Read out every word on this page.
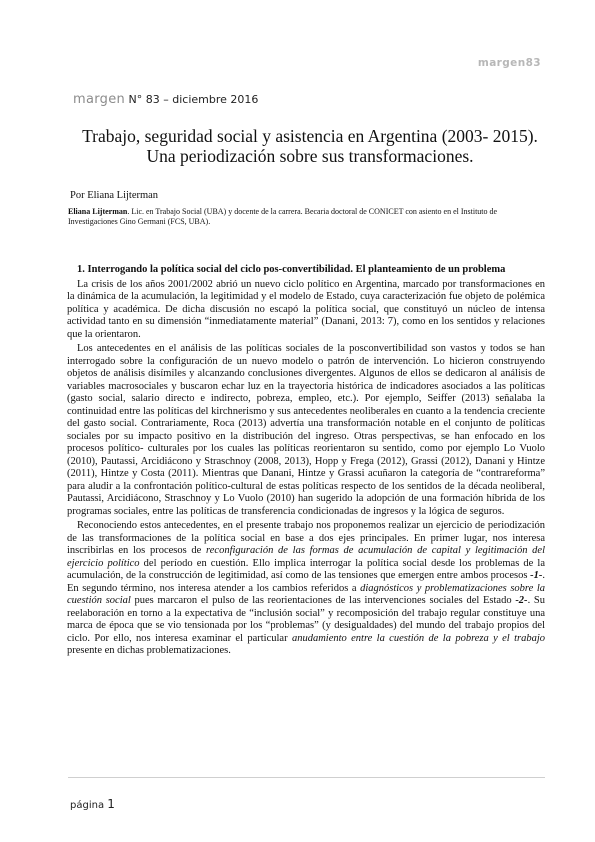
margen83
margen N° 83 – diciembre 2016
Trabajo, seguridad social y asistencia en Argentina (2003- 2015).
Una periodización sobre sus transformaciones.
Por Eliana Lijterman
Eliana Lijterman. Lic. en Trabajo Social (UBA) y docente de la carrera. Becaria doctoral de CONICET con asiento en el Instituto de Investigaciones Gino Germani (FCS, UBA).
1. Interrogando la política social del ciclo pos-convertibilidad. El planteamiento de un problema

La crisis de los años 2001/2002 abrió un nuevo ciclo político en Argentina, marcado por transformaciones en la dinámica de la acumulación, la legitimidad y el modelo de Estado, cuya caracterización fue objeto de polémica política y académica. De dicha discusión no escapó la política social, que constituyó un núcleo de intensa actividad tanto en su dimensión “inmediatamente material” (Danani, 2013: 7), como en los sentidos y relaciones que la orientaron.

Los antecedentes en el análisis de las políticas sociales de la posconvertibilidad son vastos y todos se han interrogado sobre la configuración de un nuevo modelo o patrón de intervención. Lo hicieron construyendo objetos de análisis disímiles y alcanzando conclusiones divergentes. Algunos de ellos se dedicaron al análisis de variables macrosociales y buscaron echar luz en la trayectoria histórica de indicadores asociados a las políticas (gasto social, salario directo e indirecto, pobreza, empleo, etc.). Por ejemplo, Seiffer (2013) señalaba la continuidad entre las políticas del kirchnerismo y sus antecedentes neoliberales en cuanto a la tendencia creciente del gasto social. Contrariamente, Roca (2013) advertía una transformación notable en el conjunto de políticas sociales por su impacto positivo en la distribución del ingreso. Otras perspectivas, se han enfocado en los procesos político- culturales por los cuales las políticas reorientaron su sentido, como por ejemplo Lo Vuolo (2010), Pautassi, Arcidiácono y Straschnoy (2008, 2013), Hopp y Frega (2012), Grassi (2012), Danani y Hintze (2011), Hintze y Costa (2011). Mientras que Danani, Hintze y Grassi acuñaron la categoría de “contrareforma” para aludir a la confrontación político-cultural de estas políticas respecto de los sentidos de la década neoliberal, Pautassi, Arcidiácono, Straschnoy y Lo Vuolo (2010) han sugerido la adopción de una formación híbrida de los programas sociales, entre las políticas de transferencia condicionadas de ingresos y la lógica de seguros.

Reconociendo estos antecedentes, en el presente trabajo nos proponemos realizar un ejercicio de periodización de las transformaciones de la política social en base a dos ejes principales. En primer lugar, nos interesa inscribirlas en los procesos de reconfiguración de las formas de acumulación de capital y legitimación del ejercicio político del período en cuestión. Ello implica interrogar la política social desde los problemas de la acumulación, de la construcción de legitimidad, así como de las tensiones que emergen entre ambos procesos -1-. En segundo término, nos interesa atender a los cambios referidos a diagnósticos y problematizaciones sobre la cuestión social pues marcaron el pulso de las reorientaciones de las intervenciones sociales del Estado -2-. Su reelaboración en torno a la expectativa de “inclusión social” y recomposición del trabajo regular constituye una marca de época que se vio tensionada por los “problemas” (y desigualdades) del mundo del trabajo propios del ciclo. Por ello, nos interesa examinar el particular anudamiento entre la cuestión de la pobreza y el trabajo presente en dichas problematizaciones.

página 1
